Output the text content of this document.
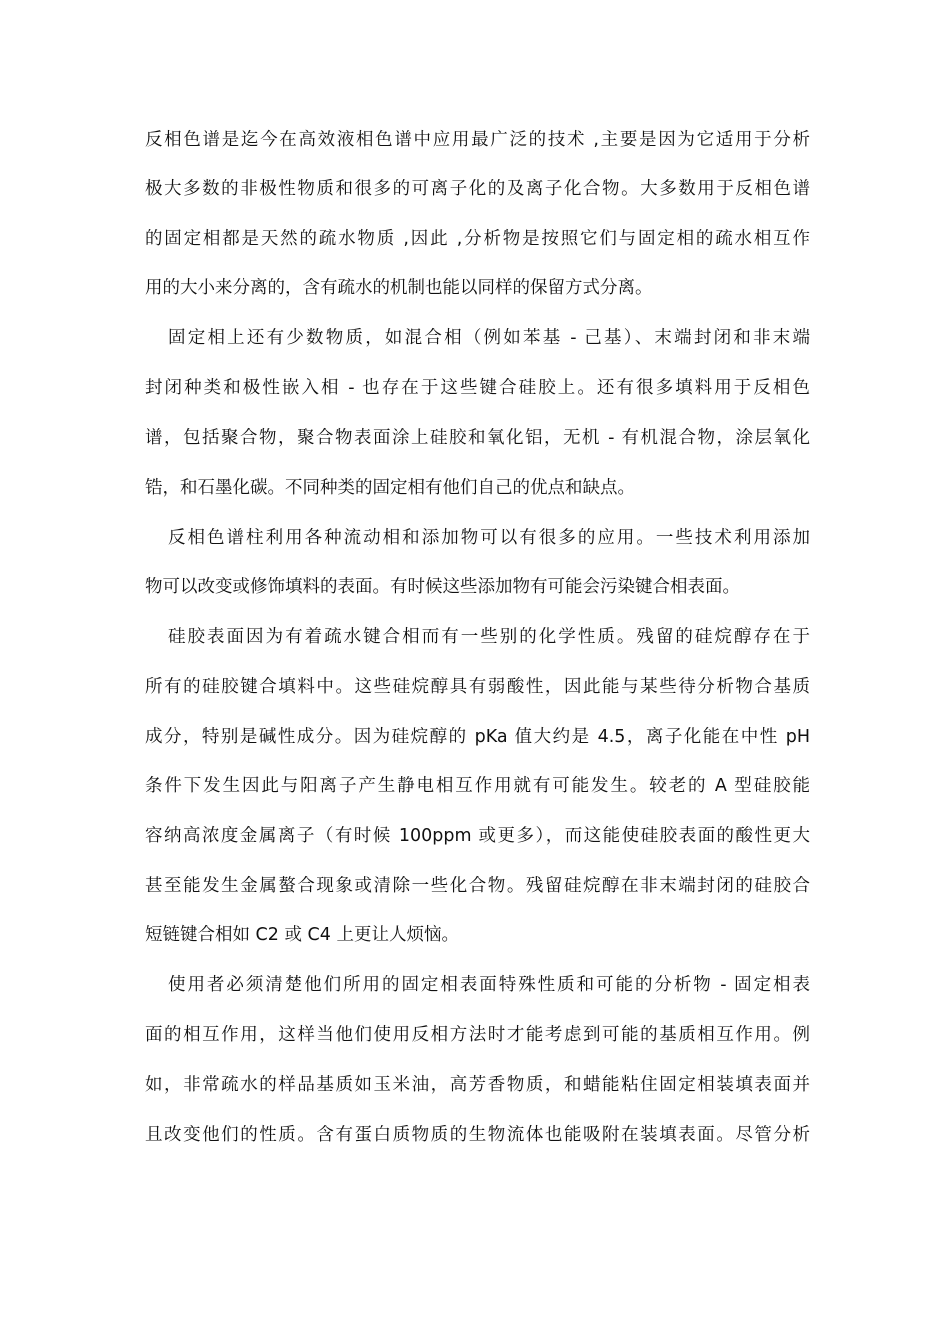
反相色谱是迄今在高效液相色谱中应用最广泛的技术 ,主要是因为它适用于分析
极大多数的非极性物质和很多的可离子化的及离子化合物。大多数用于反相色谱
的固定相都是天然的疏水物质 ,因此 ,分析物是按照它们与固定相的疏水相互作
用的大小来分离的，含有疏水的机制也能以同样的保留方式分离。
固定相上还有少数物质，如混合相（例如苯基 - 己基）、末端封闭和非末端
封闭种类和极性嵌入相 - 也存在于这些键合硅胶上。还有很多填料用于反相色
谱，包括聚合物，聚合物表面涂上硅胶和氧化铝，无机 - 有机混合物，涂层氧化
锆，和石墨化碳。不同种类的固定相有他们自己的优点和缺点。
反相色谱柱利用各种流动相和添加物可以有很多的应用。一些技术利用添加
物可以改变或修饰填料的表面。有时候这些添加物有可能会污染键合相表面。
硅胶表面因为有着疏水键合相而有一些别的化学性质。残留的硅烷醇存在于
所有的硅胶键合填料中。这些硅烷醇具有弱酸性，因此能与某些待分析物合基质
成分，特别是碱性成分。因为硅烷醇的 pKa 值大约是 4.5，离子化能在中性 pH
条件下发生因此与阳离子产生静电相互作用就有可能发生。较老的 A 型硅胶能
容纳高浓度金属离子（有时候 100ppm 或更多），而这能使硅胶表面的酸性更大
甚至能发生金属螯合现象或清除一些化合物。残留硅烷醇在非末端封闭的硅胶合
短链键合相如 C2 或 C4 上更让人烦恼。
使用者必须清楚他们所用的固定相表面特殊性质和可能的分析物 - 固定相表
面的相互作用，这样当他们使用反相方法时才能考虑到可能的基质相互作用。例
如，非常疏水的样品基质如玉米油，高芳香物质，和蜡能粘住固定相装填表面并
且改变他们的性质。含有蛋白质物质的生物流体也能吸附在装填表面。尽管分析
